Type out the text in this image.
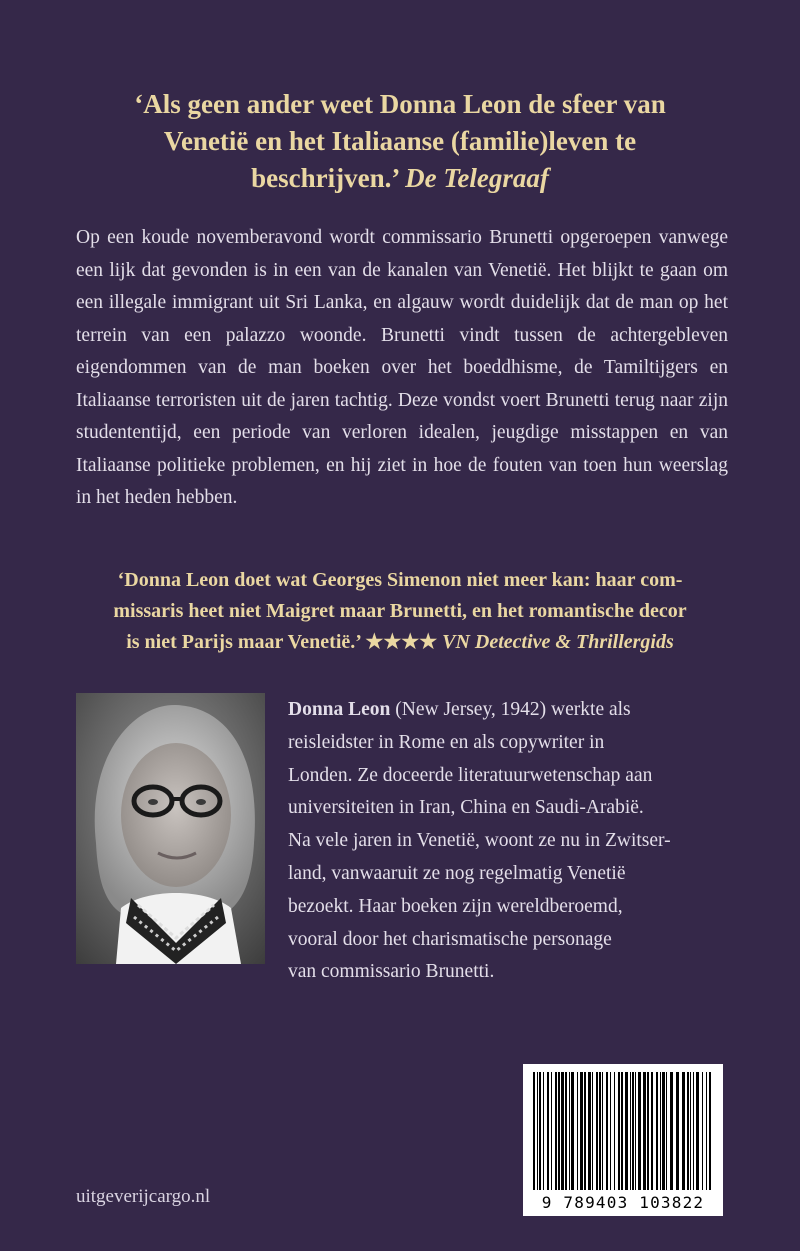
‘Als geen ander weet Donna Leon de sfeer van
Venetië en het Italiaanse (familie)leven te
beschrijven.’ De Telegraaf
Op een koude novemberavond wordt commissario Brunetti opgeroepen vanwege een lijk dat gevonden is in een van de kanalen van Venetië. Het blijkt te gaan om een illegale immigrant uit Sri Lanka, en algauw wordt duidelijk dat de man op het terrein van een palazzo woonde. Brunetti vindt tussen de achtergebleven eigendommen van de man boeken over het boeddhisme, de Tamiltijgers en Italiaanse terroristen uit de jaren tachtig. Deze vondst voert Brunetti terug naar zijn studententijd, een periode van verloren idealen, jeugdige misstappen en van Italiaanse politieke problemen, en hij ziet in hoe de fouten van toen hun weerslag in het heden hebben.
‘Donna Leon doet wat Georges Simenon niet meer kan: haar com-
missaris heet niet Maigret maar Brunetti, en het romantische decor
is niet Parijs maar Venetië.’ ★★★★ VN Detective & Thrillergids
Donna Leon (New Jersey, 1942) werkte als
reisleidster in Rome en als copywriter in
Londen. Ze doceerde literatuurwetenschap aan
universiteiten in Iran, China en Saudi-Arabië.
Na vele jaren in Venetië, woont ze nu in Zwitser-
land, vanwaaruit ze nog regelmatig Venetië
bezoekt. Haar boeken zijn wereldberoemd,
vooral door het charismatische personage
van commissario Brunetti.
9 789403 103822
uitgeverijcargo.nl
